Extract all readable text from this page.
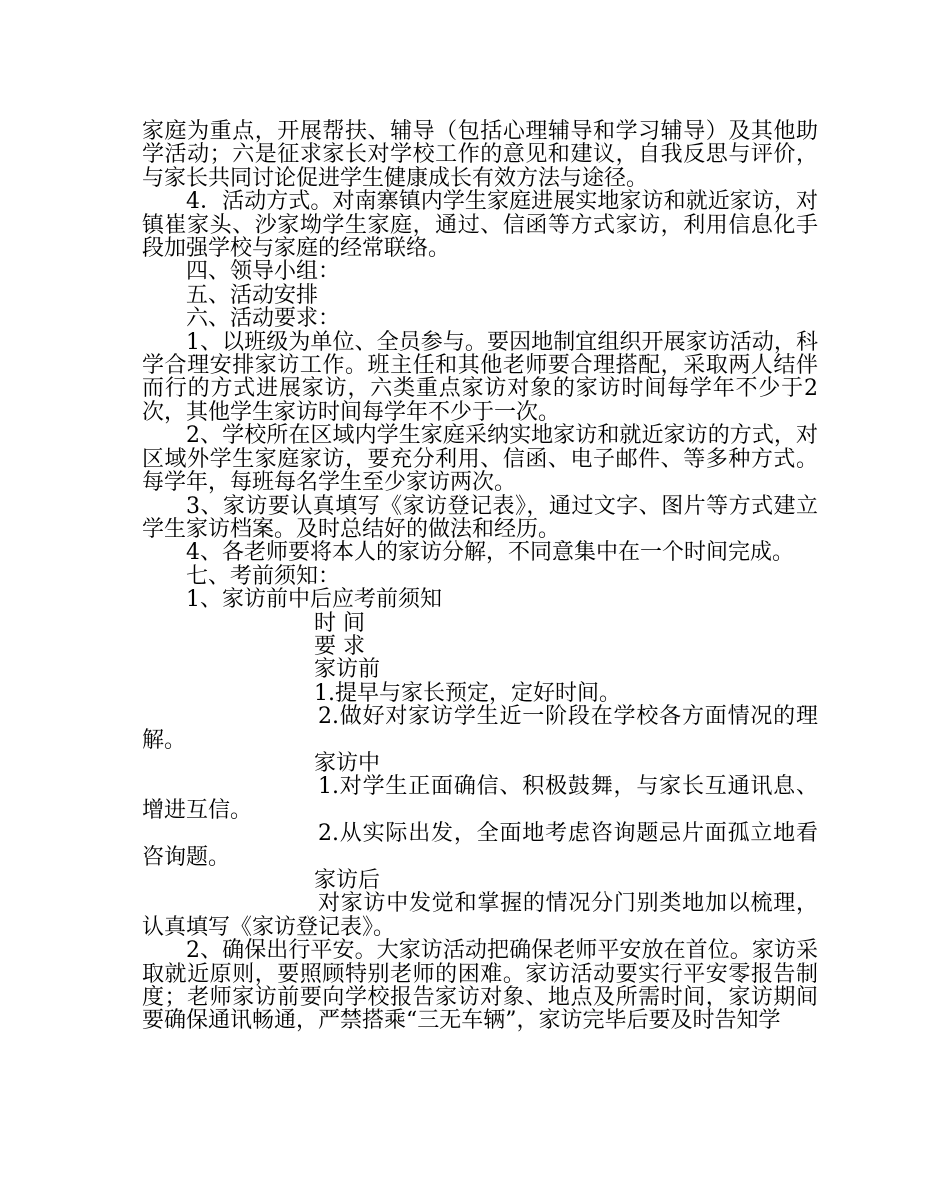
家庭为重点，开展帮扶、辅导（包括心理辅导和学习辅导）及其他助学活动；六是征求家长对学校工作的意见和建议，自我反思与评价，与家长共同讨论促进学生健康成长有效方法与途径。

4．活动方式。对南寨镇内学生家庭进展实地家访和就近家访，对镇崔家头、沙家坳学生家庭，通过、信函等方式家访，利用信息化手段加强学校与家庭的经常联络。

四、领导小组：

五、活动安排

六、活动要求：

1、以班级为单位、全员参与。要因地制宜组织开展家访活动，科学合理安排家访工作。班主任和其他老师要合理搭配，采取两人结伴而行的方式进展家访，六类重点家访对象的家访时间每学年不少于2次，其他学生家访时间每学年不少于一次。

2、学校所在区域内学生家庭采纳实地家访和就近家访的方式，对区域外学生家庭家访，要充分利用、信函、电子邮件、等多种方式。每学年，每班每名学生至少家访两次。

3、家访要认真填写《家访登记表》，通过文字、图片等方式建立学生家访档案。及时总结好的做法和经历。

4、各老师要将本人的家访分解，不同意集中在一个时间完成。

七、考前须知：

1、家访前中后应考前须知

时 间

要 求

家访前

1.提早与家长预定，定好时间。

2.做好对家访学生近一阶段在学校各方面情况的理解。

家访中

1.对学生正面确信、积极鼓舞，与家长互通讯息、增进互信。

2.从实际出发，全面地考虑咨询题忌片面孤立地看咨询题。

家访后

对家访中发觉和掌握的情况分门别类地加以梳理，认真填写《家访登记表》。

2、确保出行平安。大家访活动把确保老师平安放在首位。家访采取就近原则，要照顾特别老师的困难。家访活动要实行平安零报告制度；老师家访前要向学校报告家访对象、地点及所需时间，家访期间要确保通讯畅通，严禁搭乘“三无车辆”，家访完毕后要及时告知学
